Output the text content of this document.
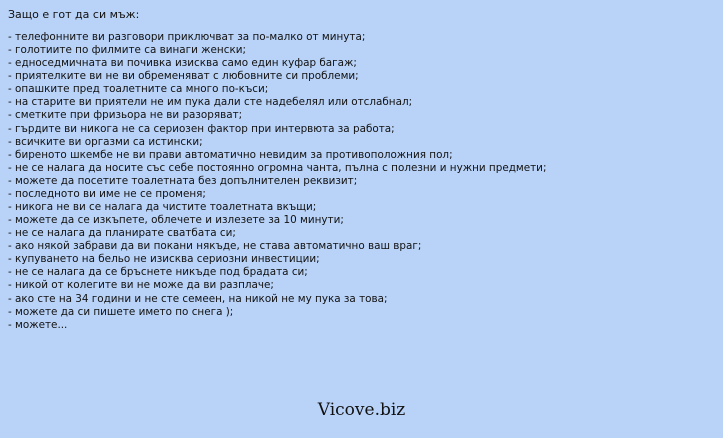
Защо е гот да си мъж:
- телефонните ви разговори приключват за по-малко от минута;
- голотиите по филмите са винаги женски;
- едноседмичната ви почивка изисква само един куфар багаж;
- приятелките ви не ви обременяват с любовните си проблеми;
- опашките пред тоалетните са много по-къси;
- на старите ви приятели не им пука дали сте надебелял или отслабнал;
- сметките при фризьора не ви разоряват;
- гърдите ви никога не са сериозен фактор при интервюта за работа;
- всичките ви оргазми са истински;
- биреното шкембе не ви прави автоматично невидим за противоположния пол;
- не се налага да носите със себе постоянно огромна чанта, пълна с полезни и нужни предмети;
- можете да посетите тоалетната без допълнителен реквизит;
- последното ви име не се променя;
- никога не ви се налага да чистите тоалетната вкъщи;
- можете да се изкъпете, облечете и излезете за 10 минути;
- не се налага да планирате сватбата си;
- ако някой забрави да ви покани някъде, не става автоматично ваш враг;
- купуването на бельо не изисква сериозни инвестиции;
- не се налага да се бръснете никъде под брадата си;
- никой от колегите ви не може да ви разплаче;
- ако сте на 34 години и не сте семеен, на никой не му пука за това;
- можете да си пишете името по снега );
- можете...
Vicove.biz
